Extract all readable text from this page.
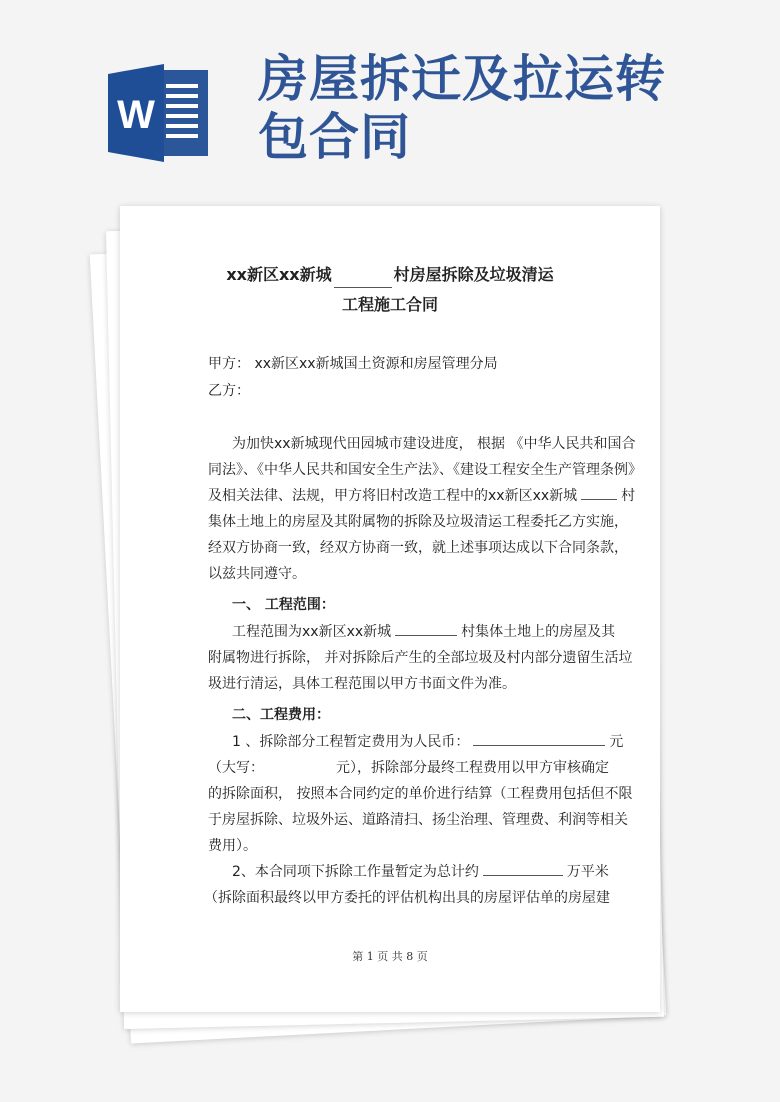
W
房屋拆迁及拉运转
包合同
xx新区xx新城	村房屋拆除及垃圾清运
工程施工合同
甲方： xx新区xx新城国土资源和房屋管理分局
乙方：
为加快xx新城现代田园城市建设进度， 根据 《中华人民共和国合
同法》、《中华人民共和国安全生产法》、《建设工程安全生产管理条例》
及相关法律、法规，甲方将旧村改造工程中的xx新区xx新城	村
集体土地上的房屋及其附属物的拆除及垃圾清运工程委托乙方实施，
经双方协商一致，经双方协商一致，就上述事项达成以下合同条款，
以兹共同遵守。
一、 工程范围：
工程范围为xx新区xx新城	村集体土地上的房屋及其
附属物进行拆除， 并对拆除后产生的全部垃圾及村内部分遗留生活垃
圾进行清运，具体工程范围以甲方书面文件为准。
二、工程费用：
1 、拆除部分工程暂定费用为人民币：	元
（大写：	元），拆除部分最终工程费用以甲方审核确定
的拆除面积， 按照本合同约定的单价进行结算（工程费用包括但不限
于房屋拆除、垃圾外运、道路清扫、扬尘治理、管理费、利润等相关
费用）。
2、本合同项下拆除工作量暂定为总计约	万平米
（拆除面积最终以甲方委托的评估机构出具的房屋评估单的房屋建
第 1 页 共 8 页
